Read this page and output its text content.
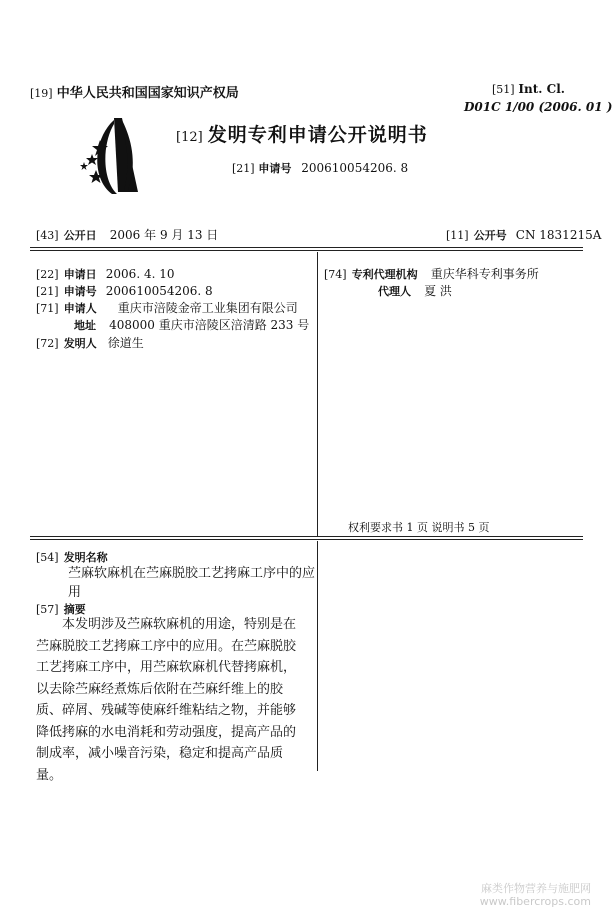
[19] 中华人民共和国国家知识产权局	[51] Int. Cl.
D01C 1/00 (2006. 01 )
[12] 发明专利申请公开说明书
[21] 申请号 200610054206. 8
[43] 公开日 2006 年 9 月 13 日	[11] 公开号 CN 1831215A
[22] 申请日 2006. 4. 10
[21] 申请号 200610054206. 8
[71] 申请人 重庆市涪陵金帝工业集团有限公司
地址 408000 重庆市涪陵区涪清路 233 号
[72] 发明人 徐道生
[74] 专利代理机构 重庆华科专利事务所
代理人 夏 洪
权利要求书 1 页 说明书 5 页
[54] 发明名称
苎麻软麻机在苎麻脱胶工艺拷麻工序中的应
用
[57] 摘要
本发明涉及苎麻软麻机的用途，特别是在苎麻脱胶工艺拷麻工序中的应用。在苎麻脱胶工艺拷麻工序中，用苎麻软麻机代替拷麻机，以去除苎麻经煮炼后依附在苎麻纤维上的胶质、碎屑、残碱等使麻纤维粘结之物，并能够降低拷麻的水电消耗和劳动强度，提高产品的制成率，减小噪音污染，稳定和提高产品质量。
麻类作物营养与施肥网
www.fibercrops.com
